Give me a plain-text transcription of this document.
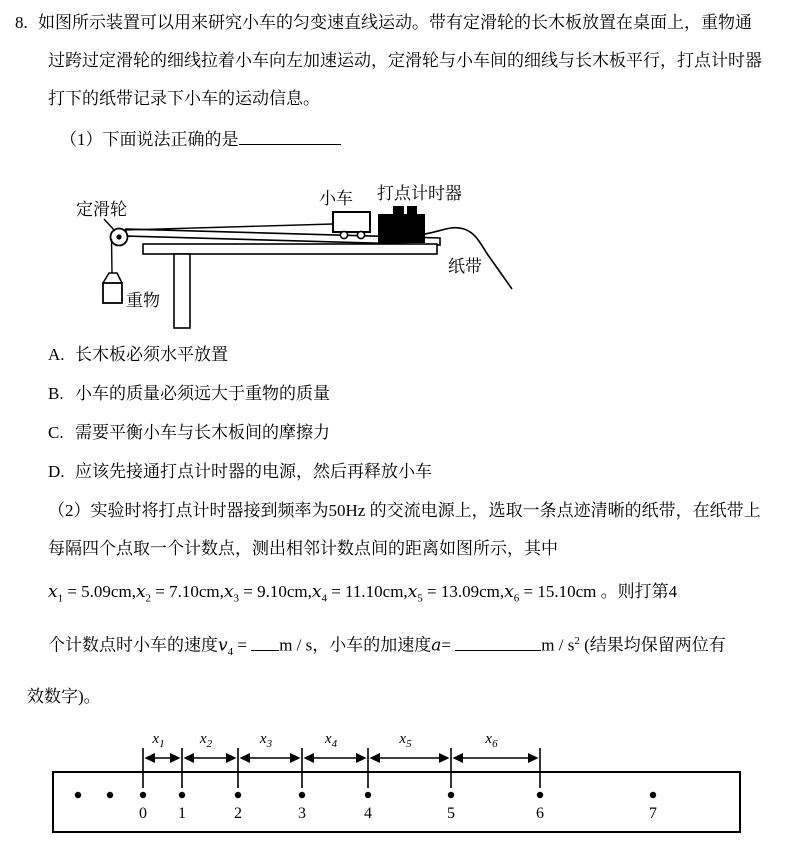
8. 如图所示装置可以用来研究小车的匀变速直线运动。带有定滑轮的长木板放置在桌面上，重物通
过跨过定滑轮的细线拉着小车向左加速运动，定滑轮与小车间的细线与长木板平行，打点计时器
打下的纸带记录下小车的运动信息。
（1）下面说法正确的是
定滑轮
小车 打点计时器
纸带
重物
A. 长木板必须水平放置
B. 小车的质量必须远大于重物的质量
C. 需要平衡小车与长木板间的摩擦力
D. 应该先接通打点计时器的电源，然后再释放小车
（2）实验时将打点计时器接到频率为50Hz 的交流电源上，选取一条点迹清晰的纸带，在纸带上
每隔四个点取一个计数点，测出相邻计数点间的距离如图所示，其中
$x_1 = 5.09cm,x_2 = 7.10cm,x_3 = 9.10cm,x_4 = 11.10cm,x_5 = 13.09cm,x_6 = 15.10cm$ 。则打第4
个计数点时小车的速度$v_4 = m / s$，小车的加速度a=	m / $s^2$ (结果均保留两位有
效数字)。
$x_1$ $x_2$	$x_3$	$x_4$	$x_5$	$x_6$
0 1	2	3	4	5	6	7
